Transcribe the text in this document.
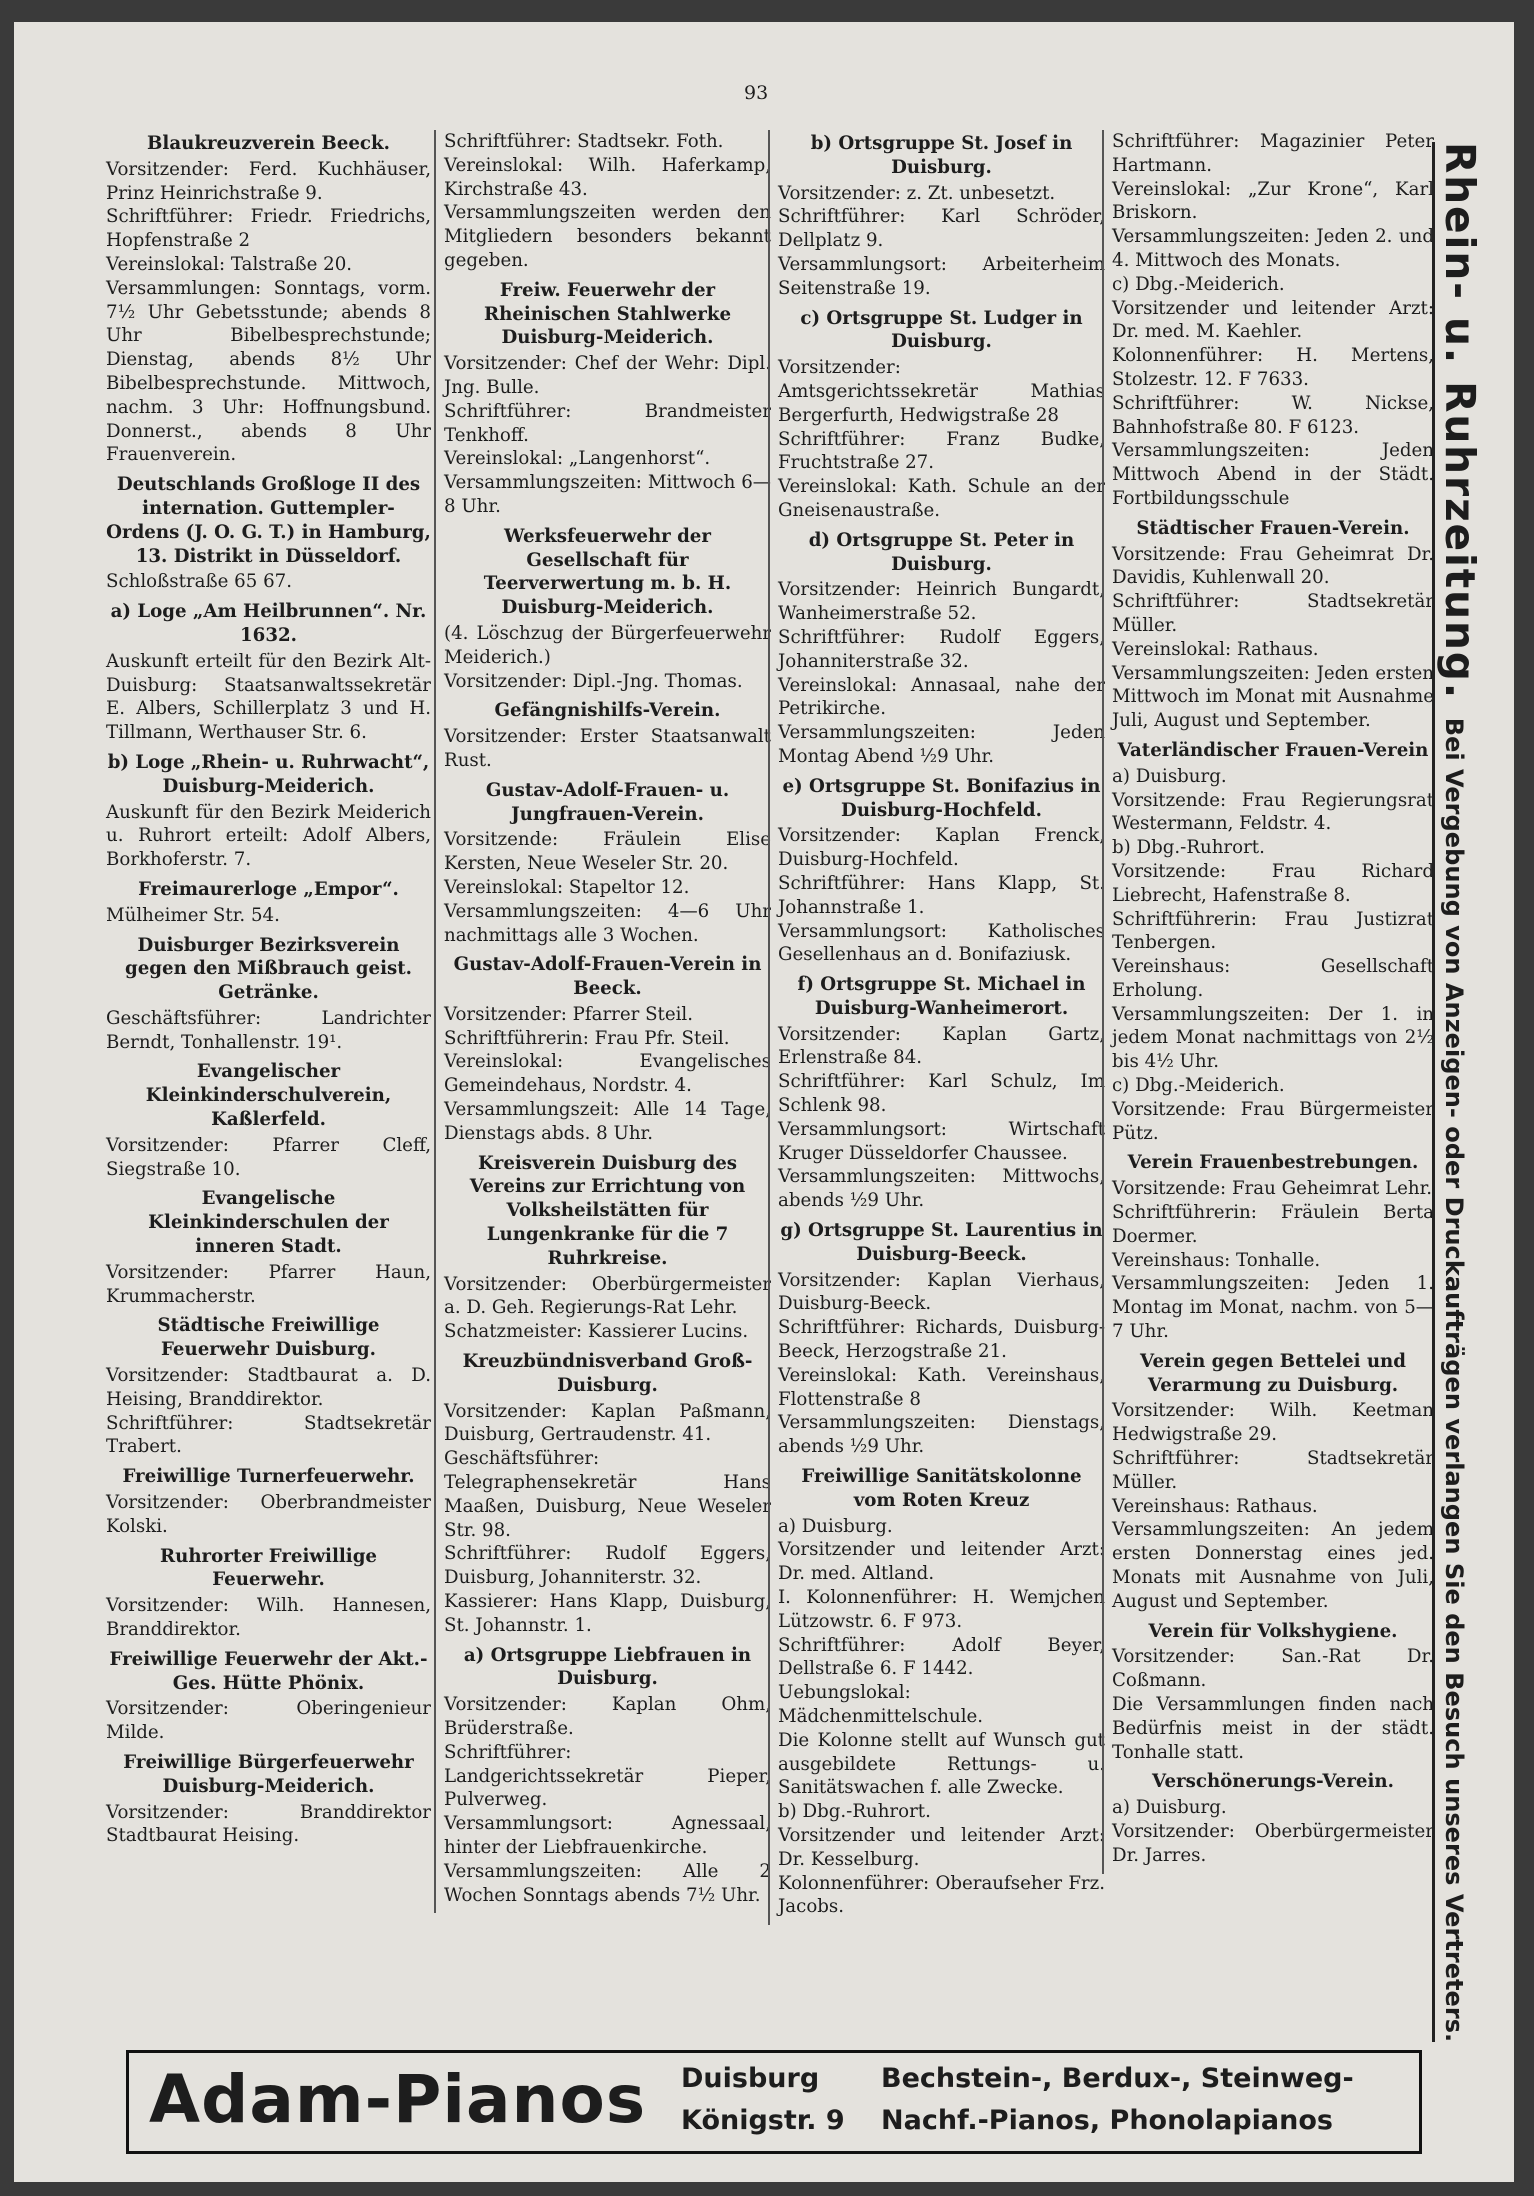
93
Blaukreuzverein Beeck.
Vorsitzender: Ferd. Kuchhäuser, Prinz Heinrichstraße 9.
Schriftführer: Friedr. Friedrichs, Hopfenstraße 2
Vereinslokal: Talstraße 20.
Versammlungen: Sonntags, vorm. 7½ Uhr Gebetsstunde; abends 8 Uhr Bibelbesprechstunde; Dienstag, abends 8½ Uhr Bibelbesprechstunde. Mittwoch, nachm. 3 Uhr: Hoffnungsbund. Donnerst., abends 8 Uhr Frauenverein.
Deutschlands Großloge II des internation. Guttempler-Ordens (J. O. G. T.) in Hamburg, 13. Distrikt in Düsseldorf.
Schloßstraße 65 67.
a) Loge „Am Heilbrunnen“. Nr. 1632.
Auskunft erteilt für den Bezirk Alt-Duisburg: Staatsanwaltssekretär E. Albers, Schillerplatz 3 und H. Tillmann, Werthauser Str. 6.
b) Loge „Rhein- u. Ruhrwacht“, Duisburg-Meiderich.
Auskunft für den Bezirk Meiderich u. Ruhrort erteilt: Adolf Albers, Borkhoferstr. 7.
Freimaurerloge „Empor“.
Mülheimer Str. 54.
Duisburger Bezirksverein gegen den Mißbrauch geist. Getränke.
Geschäftsführer: Landrichter Berndt, Tonhallenstr. 19¹.
Evangelischer Kleinkinderschulverein, Kaßlerfeld.
Vorsitzender: Pfarrer Cleff, Siegstraße 10.
Evangelische Kleinkinderschulen der inneren Stadt.
Vorsitzender: Pfarrer Haun, Krummacherstr.
Städtische Freiwillige Feuerwehr Duisburg.
Vorsitzender: Stadtbaurat a. D. Heising, Branddirektor.
Schriftführer: Stadtsekretär Trabert.
Freiwillige Turnerfeuerwehr.
Vorsitzender: Oberbrandmeister Kolski.
Ruhrorter Freiwillige Feuerwehr.
Vorsitzender: Wilh. Hannesen, Branddirektor.
Freiwillige Feuerwehr der Akt.-Ges. Hütte Phönix.
Vorsitzender: Oberingenieur Milde.
Freiwillige Bürgerfeuerwehr Duisburg-Meiderich.
Vorsitzender: Branddirektor Stadtbaurat Heising.
Schriftführer: Stadtsekr. Foth.
Vereinslokal: Wilh. Haferkamp, Kirchstraße 43.
Versammlungszeiten werden den Mitgliedern besonders bekannt gegeben.
Freiw. Feuerwehr der Rheinischen Stahlwerke Duisburg-Meiderich.
Vorsitzender: Chef der Wehr: Dipl. Jng. Bulle.
Schriftführer: Brandmeister Tenkhoff.
Vereinslokal: „Langenhorst“.
Versammlungszeiten: Mittwoch 6—8 Uhr.
Werksfeuerwehr der Gesellschaft für Teerverwertung m. b. H. Duisburg-Meiderich.
(4. Löschzug der Bürgerfeuerwehr Meiderich.)
Vorsitzender: Dipl.-Jng. Thomas.
Gefängnishilfs-Verein.
Vorsitzender: Erster Staatsanwalt Rust.
Gustav-Adolf-Frauen- u. Jungfrauen-Verein.
Vorsitzende: Fräulein Elise Kersten, Neue Weseler Str. 20.
Vereinslokal: Stapeltor 12.
Versammlungszeiten: 4—6 Uhr nachmittags alle 3 Wochen.
Gustav-Adolf-Frauen-Verein in Beeck.
Vorsitzender: Pfarrer Steil.
Schriftführerin: Frau Pfr. Steil.
Vereinslokal: Evangelisches Gemeindehaus, Nordstr. 4.
Versammlungszeit: Alle 14 Tage, Dienstags abds. 8 Uhr.
Kreisverein Duisburg des Vereins zur Errichtung von Volksheilstätten für Lungenkranke für die 7 Ruhrkreise.
Vorsitzender: Oberbürgermeister a. D. Geh. Regierungs-Rat Lehr.
Schatzmeister: Kassierer Lucins.
Kreuzbündnisverband Groß-Duisburg.
Vorsitzender: Kaplan Paßmann, Duisburg, Gertraudenstr. 41.
Geschäftsführer: Telegraphensekretär Hans Maaßen, Duisburg, Neue Weseler Str. 98.
Schriftführer: Rudolf Eggers, Duisburg, Johanniterstr. 32.
Kassierer: Hans Klapp, Duisburg, St. Johannstr. 1.
a) Ortsgruppe Liebfrauen in Duisburg.
Vorsitzender: Kaplan Ohm, Brüderstraße.
Schriftführer: Landgerichtssekretär Pieper, Pulverweg.
Versammlungsort: Agnessaal, hinter der Liebfrauenkirche.
Versammlungszeiten: Alle 2 Wochen Sonntags abends 7½ Uhr.
b) Ortsgruppe St. Josef in Duisburg.
Vorsitzender: z. Zt. unbesetzt.
Schriftführer: Karl Schröder, Dellplatz 9.
Versammlungsort: Arbeiterheim Seitenstraße 19.
c) Ortsgruppe St. Ludger in Duisburg.
Vorsitzender: Amtsgerichtssekretär Mathias Bergerfurth, Hedwigstraße 28
Schriftführer: Franz Budke, Fruchtstraße 27.
Vereinslokal: Kath. Schule an der Gneisenaustraße.
d) Ortsgruppe St. Peter in Duisburg.
Vorsitzender: Heinrich Bungardt, Wanheimerstraße 52.
Schriftführer: Rudolf Eggers, Johanniterstraße 32.
Vereinslokal: Annasaal, nahe der Petrikirche.
Versammlungszeiten: Jeden Montag Abend ½9 Uhr.
e) Ortsgruppe St. Bonifazius in Duisburg-Hochfeld.
Vorsitzender: Kaplan Frenck, Duisburg-Hochfeld.
Schriftführer: Hans Klapp, St. Johannstraße 1.
Versammlungsort: Katholisches Gesellenhaus an d. Bonifaziusk.
f) Ortsgruppe St. Michael in Duisburg-Wanheimerort.
Vorsitzender: Kaplan Gartz, Erlenstraße 84.
Schriftführer: Karl Schulz, Im Schlenk 98.
Versammlungsort: Wirtschaft Kruger Düsseldorfer Chaussee.
Versammlungszeiten: Mittwochs, abends ½9 Uhr.
g) Ortsgruppe St. Laurentius in Duisburg-Beeck.
Vorsitzender: Kaplan Vierhaus, Duisburg-Beeck.
Schriftführer: Richards, Duisburg-Beeck, Herzogstraße 21.
Vereinslokal: Kath. Vereinshaus, Flottenstraße 8
Versammlungszeiten: Dienstags, abends ½9 Uhr.
Freiwillige Sanitätskolonne vom Roten Kreuz
a) Duisburg.
Vorsitzender und leitender Arzt: Dr. med. Altland.
I. Kolonnenführer: H. Wemjchen Lützowstr. 6. F 973.
Schriftführer: Adolf Beyer, Dellstraße 6. F 1442.
Uebungslokal: Mädchenmittelschule.
Die Kolonne stellt auf Wunsch gut ausgebildete Rettungs- u. Sanitätswachen f. alle Zwecke.
b) Dbg.-Ruhrort.
Vorsitzender und leitender Arzt: Dr. Kesselburg.
Kolonnenführer: Oberaufseher Frz. Jacobs.
Schriftführer: Magazinier Peter Hartmann.
Vereinslokal: „Zur Krone“, Karl Briskorn.
Versammlungszeiten: Jeden 2. und 4. Mittwoch des Monats.
c) Dbg.-Meiderich.
Vorsitzender und leitender Arzt: Dr. med. M. Kaehler.
Kolonnenführer: H. Mertens, Stolzestr. 12. F 7633.
Schriftführer: W. Nickse, Bahnhofstraße 80. F 6123.
Versammlungszeiten: Jeden Mittwoch Abend in der Städt. Fortbildungsschule
Städtischer Frauen-Verein.
Vorsitzende: Frau Geheimrat Dr. Davidis, Kuhlenwall 20.
Schriftführer: Stadtsekretär Müller.
Vereinslokal: Rathaus.
Versammlungszeiten: Jeden ersten Mittwoch im Monat mit Ausnahme Juli, August und September.
Vaterländischer Frauen-Verein
a) Duisburg.
Vorsitzende: Frau Regierungsrat Westermann, Feldstr. 4.
b) Dbg.-Ruhrort.
Vorsitzende: Frau Richard Liebrecht, Hafenstraße 8.
Schriftführerin: Frau Justizrat Tenbergen.
Vereinshaus: Gesellschaft Erholung.
Versammlungszeiten: Der 1. in jedem Monat nachmittags von 2½ bis 4½ Uhr.
c) Dbg.-Meiderich.
Vorsitzende: Frau Bürgermeister Pütz.
Verein Frauenbestrebungen.
Vorsitzende: Frau Geheimrat Lehr.
Schriftführerin: Fräulein Berta Doermer.
Vereinshaus: Tonhalle.
Versammlungszeiten: Jeden 1. Montag im Monat, nachm. von 5—7 Uhr.
Verein gegen Bettelei und Verarmung zu Duisburg.
Vorsitzender: Wilh. Keetman Hedwigstraße 29.
Schriftführer: Stadtsekretär Müller.
Vereinshaus: Rathaus.
Versammlungszeiten: An jedem ersten Donnerstag eines jed. Monats mit Ausnahme von Juli, August und September.
Verein für Volkshygiene.
Vorsitzender: San.-Rat Dr. Coßmann.
Die Versammlungen finden nach Bedürfnis meist in der städt. Tonhalle statt.
Verschönerungs-Verein.
a) Duisburg.
Vorsitzender: Oberbürgermeister Dr. Jarres.
Rhein- u. Ruhrzeitung. Bei Vergebung von Anzeigen- oder Druckaufträgen verlangen Sie den Besuch unseres Vertreters.
Adam-Pianos Duisburg
Königstr. 9
Bechstein-, Berdux-, Steinweg-
Nachf.-Pianos, Phonolapianos
